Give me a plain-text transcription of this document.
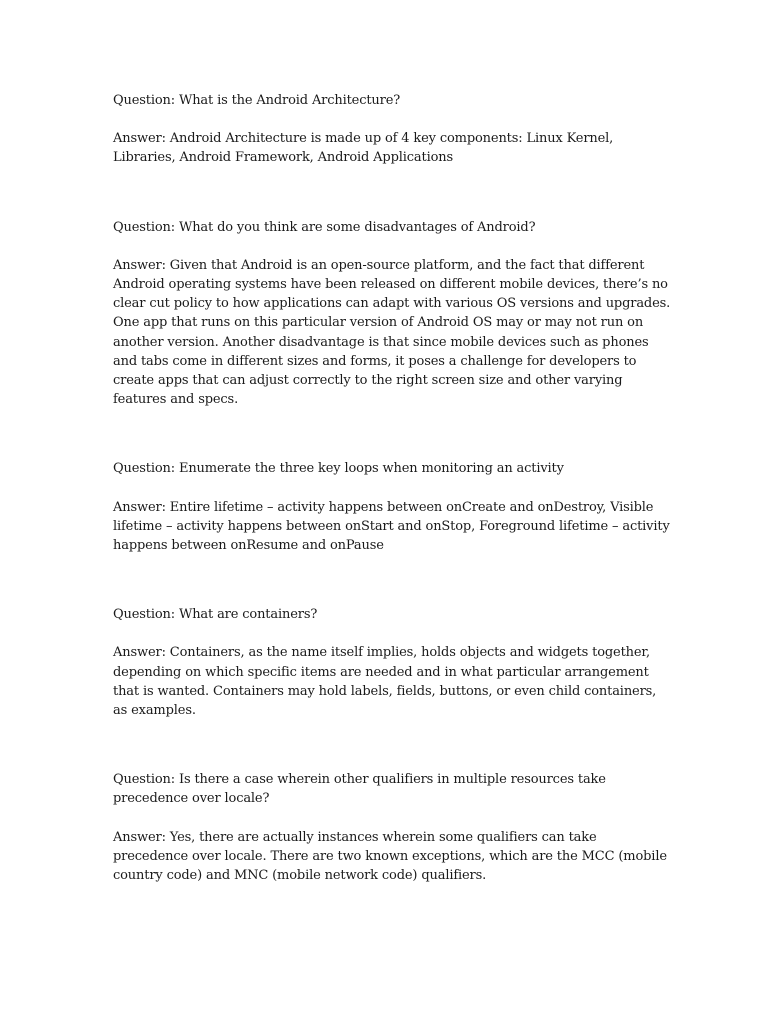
Question: What is the Android Architecture?

Answer: Android Architecture is made up of 4 key components: Linux Kernel, Libraries, Android Framework, Android Applications

Question: What do you think are some disadvantages of Android?

Answer: Given that Android is an open-source platform, and the fact that different Android operating systems have been released on different mobile devices, there’s no clear cut policy to how applications can adapt with various OS versions and upgrades. One app that runs on this particular version of Android OS may or may not run on another version. Another disadvantage is that since mobile devices such as phones and tabs come in different sizes and forms, it poses a challenge for developers to create apps that can adjust correctly to the right screen size and other varying features and specs.

Question: Enumerate the three key loops when monitoring an activity

Answer: Entire lifetime – activity happens between onCreate and onDestroy, Visible lifetime – activity happens between onStart and onStop, Foreground lifetime – activity happens between onResume and onPause

Question: What are containers?

Answer: Containers, as the name itself implies, holds objects and widgets together, depending on which specific items are needed and in what particular arrangement that is wanted. Containers may hold labels, fields, buttons, or even child containers, as examples.

Question: Is there a case wherein other qualifiers in multiple resources take precedence over locale?

Answer: Yes, there are actually instances wherein some qualifiers can take precedence over locale. There are two known exceptions, which are the MCC (mobile country code) and MNC (mobile network code) qualifiers.
